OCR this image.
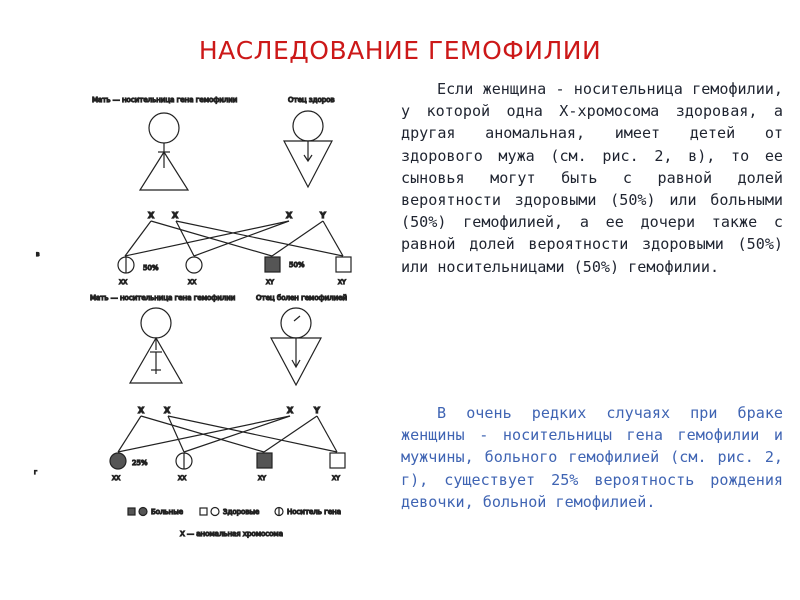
НАСЛЕДОВАНИЕ ГЕМОФИЛИИ
Мать — носительница гена гемофилии	Отец здоров
X X	X	Y
50%	50%
XX	XX	XY	XY
в
Мать — носительница гена гемофилии	Отец болен гемофилией
X X	X	Y
25%
XX	XX	XY	XY
г
Больные	Здоровые	Носитель гена
X — аномальная хромосома

Если женщина - носительница гемофилии, у которой одна X-хромосома здоровая, а другая аномальная, имеет детей от здорового мужа (см. рис. 2, в), то ее сыновья могут быть с равной долей вероятности здоровыми (50%) или больными (50%) гемофилией, а ее дочери также с равной долей вероятности здоровыми (50%) или носительницами (50%) гемофилии.

В очень редких случаях при браке женщины - носительницы гена гемофилии и мужчины, больного гемофилией (см. рис. 2, г), существует 25% вероятность рождения девочки, больной гемофилией.
